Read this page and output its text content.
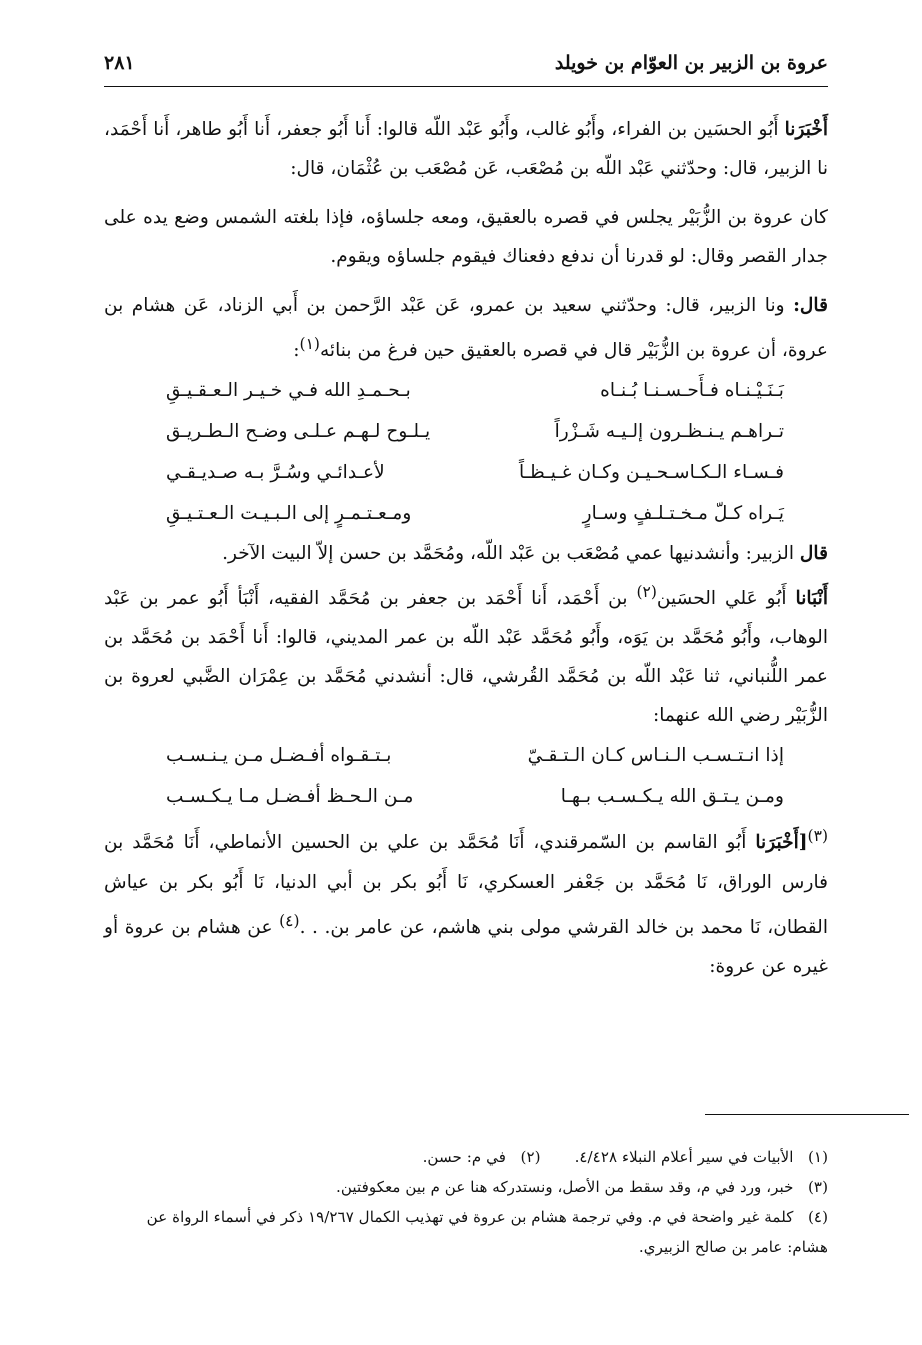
عروة بن الزبير بن العوّام بن خويلد
٢٨١

أَخْبَرَنا أَبُو الحسَين بن الفراء، وأَبُو غالب، وأَبُو عَبْد اللّه قالوا: أَنا أَبُو جعفر، أَنا أَبُو طاهر، أَنا أَحْمَد، نا الزبير، قال: وحدّثني عَبْد اللّه بن مُصْعَب، عَن مُصْعَب بن عُثْمَان، قال:

كان عروة بن الزُّبَيْر يجلس في قصره بالعقيق، ومعه جلساؤه، فإذا بلغته الشمس وضع يده على جدار القصر وقال: لو قدرنا أن ندفع دفعناك فيقوم جلساؤه ويقوم.

قال: ونا الزبير، قال: وحدّثني سعيد بن عمرو، عَن عَبْد الرَّحمن بن أَبي الزناد، عَن هشام بن عروة، أن عروة بن الزُّبَيْر قال في قصره بالعقيق حين فرغ من بنائه$^{(١)}$:

بَـنَـيْـنـاه فـأَحـسـنـا بُـنـاه
بـحـمـدِ الله فـي خـيـر الـعـقـيـقِ
تـراهـم يـنـظـرون إلـيـه شَـزْراً
يـلـوح لـهـم عـلـى وضـح الـطـريـق
فـسـاء الـكـاسـحـيـن وكـان غـيـظـاً
لأعـدائـي وسُـرَّ بـه صـديـقـي
يَـراه كـلّ مـخـتـلـفٍ وسـارٍ
ومـعـتـمـرٍ إلى الـبـيـت الـعـتـيـقِ

قال الزبير: وأنشدنيها عمي مُصْعَب بن عَبْد اللّه، ومُحَمَّد بن حسن إلاّ البيت الآخر.

أَنْبَانا أَبُو عَلي الحسَين$^{(٢)}$ بن أَحْمَد، أَنا أَحْمَد بن جعفر بن مُحَمَّد الفقيه، أَنْبَأ أَبُو عمر بن عَبْد الوهاب، وأَبُو مُحَمَّد بن يَوَه، وأَبُو مُحَمَّد عَبْد اللّه بن عمر المديني، قالوا: أَنا أَحْمَد بن مُحَمَّد بن عمر اللُّنباني، ثنا عَبْد اللّه بن مُحَمَّد القُرشي، قال: أنشدني مُحَمَّد بن عِمْرَان الضَّبي لعروة بن الزُّبَيْر رضي الله عنهما:

إذا انـتـسـب الـنـاس كـان الـتـقـيّ
بـتـقـواه أفـضـل مـن يـنـسـب
ومـن يـتـق الله يـكـسـب بـهـا
مـن الـحـظ أفـضـل مـا يـكـسـب

$^{(٣)}$[أَخْبَرَنا أَبُو القاسم بن السّمرقندي، أَنَا مُحَمَّد بن علي بن الحسين الأنماطي، أَنَا مُحَمَّد بن فارس الوراق، نَا مُحَمَّد بن جَعْفر العسكري، نَا أَبُو بكر بن أبي الدنيا، نَا أَبُو بكر بن عياش القطان، نَا محمد بن خالد القرشي مولى بني هاشم، عن عامر بن. . .$^{(٤)}$ عن هشام بن عروة أو غيره عن عروة:

(١)   الأبيات في سير أعلام النبلاء ٤/٤٢٨.
(٢)   في م: حسن.

(٣)   خبر، ورد في م، وقد سقط من الأصل، ونستدركه هنا عن م بين معكوفتين.

(٤)   كلمة غير واضحة في م. وفي ترجمة هشام بن عروة في تهذيب الكمال ١٩/٢٦٧ ذكر في أسماء الرواة عن هشام: عامر بن صالح الزبيري.
